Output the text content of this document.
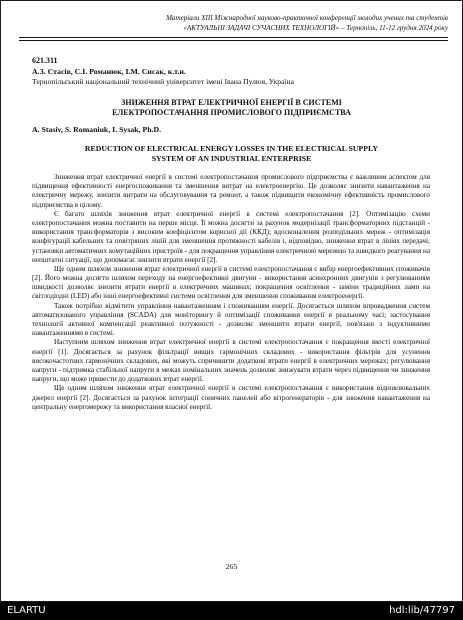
Матеріали ХІІІ Міжнародної науково-практичної конференції молодих учених та студентів
«АКТУАЛЬНІ ЗАДАЧІ СУЧАСНИХ ТЕХНОЛОГІЙ» – Тернопіль, 11-12 грудня 2024 року
621.311
А.З. Стасів, С.І. Романюк, І.М. Сисак, к.т.н.
Тернопільський національний технічний університет імені Івана Пулюя, Україна
ЗНИЖЕННЯ ВТРАТ ЕЛЕКТРИЧНОЇ ЕНЕРГІЇ В СИСТЕМІ
ЕЛЕКТРОПОСТАЧАННЯ ПРОМИСЛОВОГО ПІДПРИЄМСТВА
A. Stasiv, S. Romaniuk, I. Sysak, Ph.D.
REDUCTION OF ELECTRICAL ENERGY LOSSES IN THE ELECTRICAL SUPPLY
SYSTEM OF AN INDUSTRIAL ENTERPRISE

Зниження втрат електричної енергії в системі електропостачання промислового підприємства є важливим аспектом для підвищення ефективності енергоспоживання та зменшення витрат на електроенергію. Це дозволяє знизити навантаження на електричну мережу, знизити витрати на обслуговування та ремонт, а також підвищити економічну ефективність промислового підприємства в цілому.

Є багато шляхів зниження втрат електричної енергії в системі електропостачання [2]. Оптимізацію схеми електропостачання можна поставити на перше місце. Її можна досягти за рахунок модернізації трансформаторних підстанцій - використання трансформаторів з високим коефіцієнтом корисної дії (ККД); вдосконалення розподільних мереж - оптимізація конфігурації кабельних та повітряних ліній для зменшення протяжності кабелів і, відповідно, зниження втрат в лініях передачі; установки автоматичних комутаційних пристроїв - для покращення управління електричною мережею та швидкого реагування на непштатні ситуації, що допомагає знизити втрати енергії [2].

Ще одним шляхом зниження втрат електричної енергії в системі електропостачання є вибір енергоефективних споживачів [2]. Його можна досягти шляхом переходу на енергоефективні двигуни - використання асинхронних двигунів з регулюванням швидкості дозволяє знизити втрати енергії в електричних машинах; покращення освітлення - заміни традиційних ламп на світлодіодні (LED) або інші енергоефективні системи освітлення для зменшення споживання електроенергії.

Також потрібно відмітити управління навантаженням і споживанням енергії. Досягається шляхом впровадження систем автоматизованого управління (SCADA) для моніторингу й оптимізації споживання енергії в реальному часі; застосування технології активної компенсації реактивної потужності - дозволяє зменшити втрати енергії, пов'язані з індуктивними навантаженнями в системі.

Наступним шляхом зниження втрат електричної енергії в системі електропостачання є покращення якості електричної енергії [1]. Досягається за рахунок фільтрації вищих гармонічних складових - використання фільтрів для усунення високочастотних гармонічних складових, які можуть спричинити додаткові втрати енергії в електричних мережах; регулювання напруги - підтримка стабільної напруги в межах номінальних значень дозволяє знижувати втрати через підвищення чи зниження напруги, що може привести до додаткових втрат енергії.

Ще одним шляхом зниження втрат електричної енергії в системі електропостачання є використання відновлювальних джерел енергії [2]. Досягається за рахунок інтеграції сонячних панелей або вітрогенераторів - для зниження навантаження на центральну енергомережу та використання власної енергії.

265
ELARTU	hdl:lib/47797
